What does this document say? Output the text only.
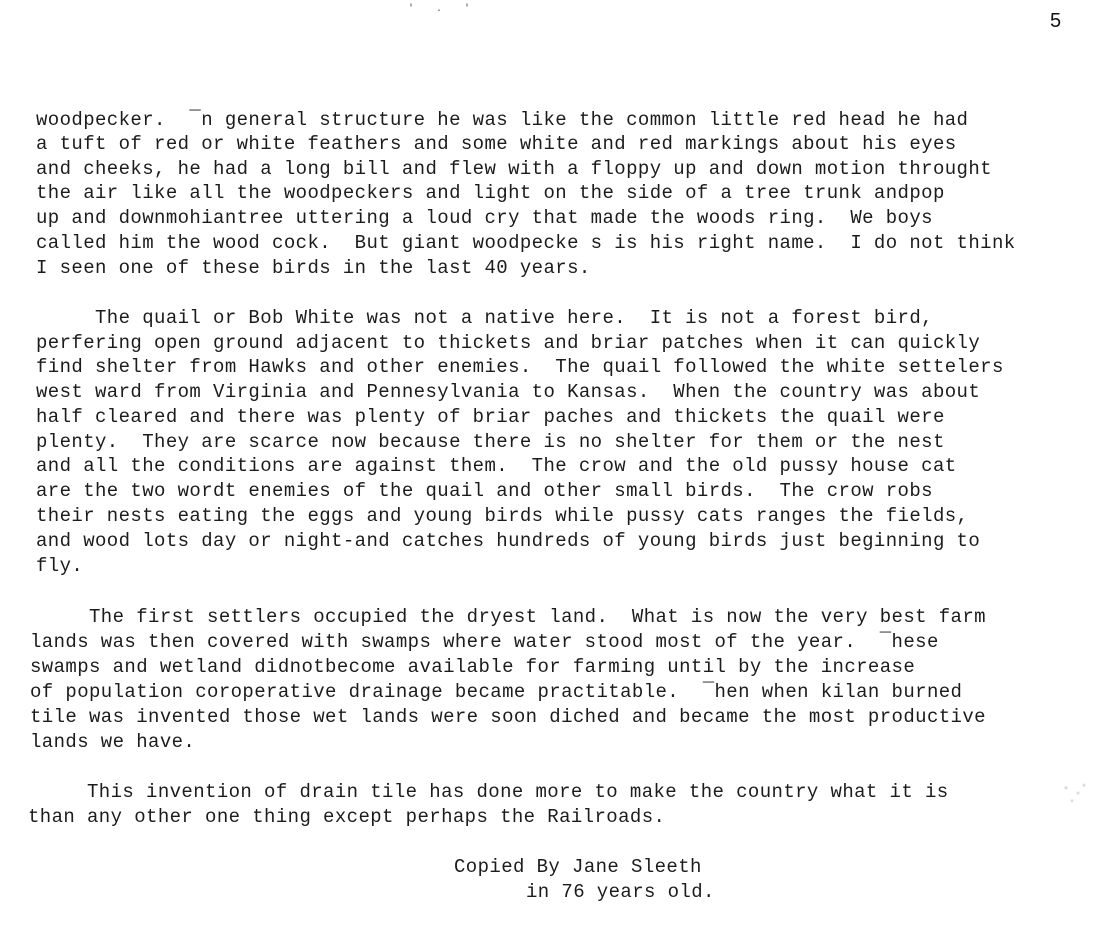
' . '
5
woodpecker.  ¯n general structure he was like the common little red head he had
a tuft of red or white feathers and some white and red markings about his eyes
and cheeks, he had a long bill and flew with a floppy up and down motion throught
the air like all the woodpeckers and light on the side of a tree trunk andpop
up and downmohiantree uttering a loud cry that made the woods ring.  We boys
called him the wood cock.  But giant woodpecke s is his right name.  I do not think
I seen one of these birds in the last 40 years.
The quail or Bob White was not a native here.  It is not a forest bird,
perfering open ground adjacent to thickets and briar patches when it can quickly
find shelter from Hawks and other enemies.  The quail followed the white settelers
west ward from Virginia and Pennesylvania to Kansas.  When the country was about
half cleared and there was plenty of briar paches and thickets the quail were
plenty.  They are scarce now because there is no shelter for them or the nest
and all the conditions are against them.  The crow and the old pussy house cat
are the two wordt enemies of the quail and other small birds.  The crow robs
their nests eating the eggs and young birds while pussy cats ranges the fields,
and wood lots day or night-and catches hundreds of young birds just beginning to
fly.
The first settlers occupied the dryest land.  What is now the very best farm
lands was then covered with swamps where water stood most of the year.  ¯hese
swamps and wetland didnotbecome available for farming until by the increase
of population coroperative drainage became practitable.  ¯hen when kilan burned
tile was invented those wet lands were soon diched and became the most productive
lands we have.
This invention of drain tile has done more to make the country what it is
than any other one thing except perhaps the Railroads.
Copied By Jane Sleeth
in 76 years old.
